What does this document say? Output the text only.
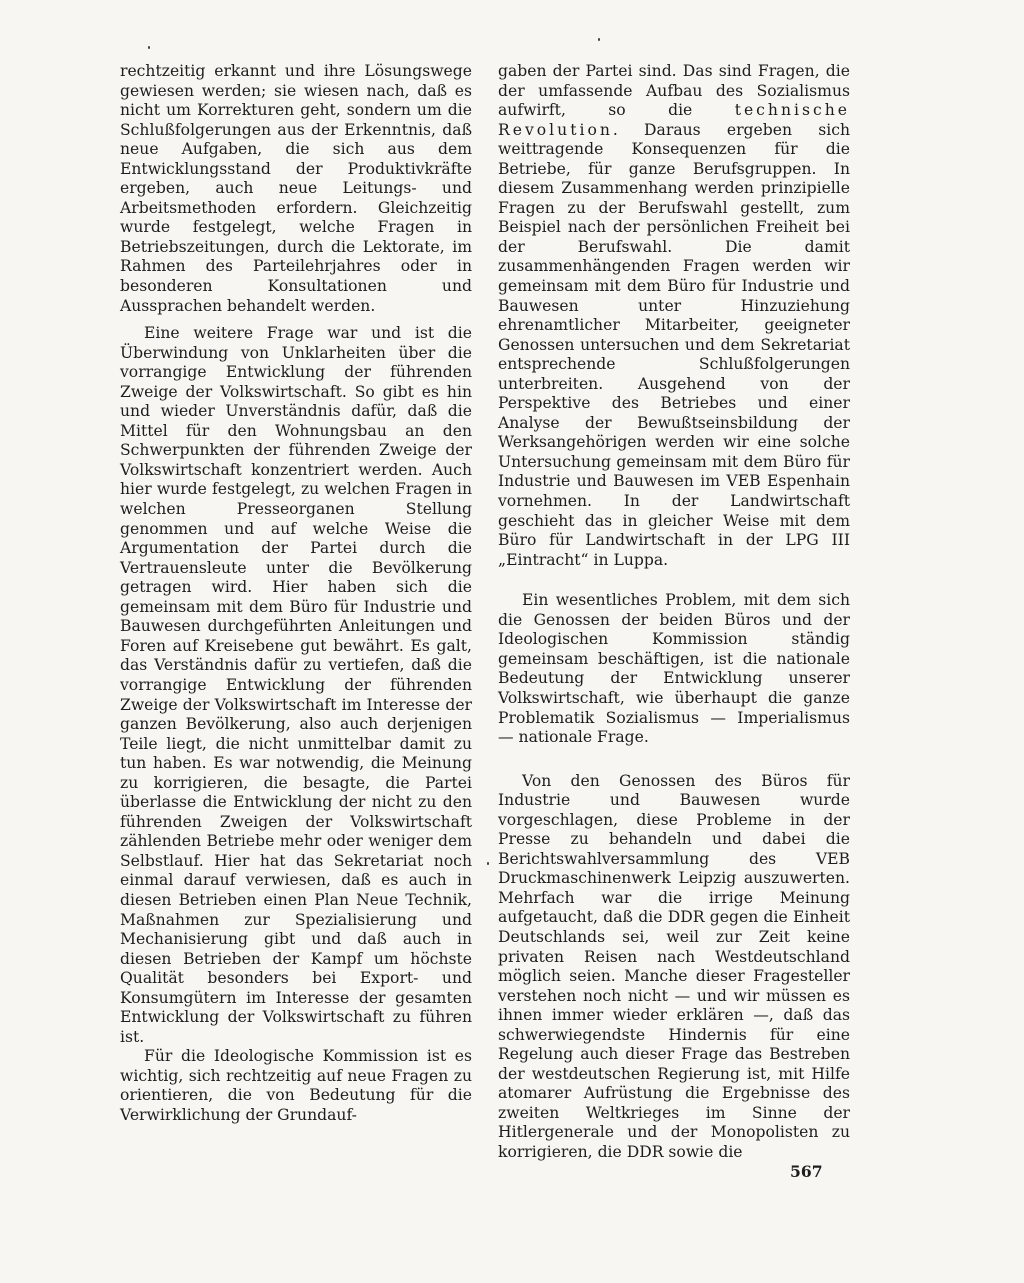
rechtzeitig erkannt und ihre Lösungswege gewiesen werden; sie wiesen nach, daß es nicht um Korrekturen geht, sondern um die Schlußfolgerungen aus der Erkenntnis, daß neue Aufgaben, die sich aus dem Entwicklungsstand der Produktivkräfte ergeben, auch neue Leitungs- und Arbeitsmethoden erfordern. Gleichzeitig wurde festgelegt, welche Fragen in Betriebszeitungen, durch die Lektorate, im Rahmen des Parteilehrjahres oder in besonderen Konsultationen und Aussprachen behandelt werden.

Eine weitere Frage war und ist die Überwindung von Unklarheiten über die vorrangige Entwicklung der führenden Zweige der Volkswirtschaft. So gibt es hin und wieder Unverständnis dafür, daß die Mittel für den Wohnungsbau an den Schwerpunkten der führenden Zweige der Volkswirtschaft konzentriert werden. Auch hier wurde festgelegt, zu welchen Fragen in welchen Presseorganen Stellung genommen und auf welche Weise die Argumentation der Partei durch die Vertrauensleute unter die Bevölkerung getragen wird. Hier haben sich die gemeinsam mit dem Büro für Industrie und Bauwesen durchgeführten Anleitungen und Foren auf Kreisebene gut bewährt. Es galt, das Verständnis dafür zu vertiefen, daß die vorrangige Entwicklung der führenden Zweige der Volkswirtschaft im Interesse der ganzen Bevölkerung, also auch derjenigen Teile liegt, die nicht unmittelbar damit zu tun haben. Es war notwendig, die Meinung zu korrigieren, die besagte, die Partei überlasse die Entwicklung der nicht zu den führenden Zweigen der Volkswirtschaft zählenden Betriebe mehr oder weniger dem Selbstlauf. Hier hat das Sekretariat noch einmal darauf verwiesen, daß es auch in diesen Betrieben einen Plan Neue Technik, Maßnahmen zur Spezialisierung und Mechanisierung gibt und daß auch in diesen Betrieben der Kampf um höchste Qualität besonders bei Export- und Konsumgütern im Interesse der gesamten Entwicklung der Volkswirtschaft zu führen ist.

Für die Ideologische Kommission ist es wichtig, sich rechtzeitig auf neue Fragen zu orientieren, die von Bedeutung für die Verwirklichung der Grundauf-

gaben der Partei sind. Das sind Fragen, die der umfassende Aufbau des Sozialismus aufwirft, so die technische Revolution. Daraus ergeben sich weittragende Konsequenzen für die Betriebe, für ganze Berufsgruppen. In diesem Zusammenhang werden prinzipielle Fragen zu der Berufswahl gestellt, zum Beispiel nach der persönlichen Freiheit bei der Berufswahl. Die damit zusammenhängenden Fragen werden wir gemeinsam mit dem Büro für Industrie und Bauwesen unter Hinzuziehung ehrenamtlicher Mitarbeiter, geeigneter Genossen untersuchen und dem Sekretariat entsprechende Schlußfolgerungen unterbreiten. Ausgehend von der Perspektive des Betriebes und einer Analyse der Bewußtseinsbildung der Werksangehörigen werden wir eine solche Untersuchung gemeinsam mit dem Büro für Industrie und Bauwesen im VEB Espenhain vornehmen. In der Landwirtschaft geschieht das in gleicher Weise mit dem Büro für Landwirtschaft in der LPG III „Eintracht“ in Luppa.

Ein wesentliches Problem, mit dem sich die Genossen der beiden Büros und der Ideologischen Kommission ständig gemeinsam beschäftigen, ist die nationale Bedeutung der Entwicklung unserer Volkswirtschaft, wie überhaupt die ganze Problematik Sozialismus — Imperialismus — nationale Frage.

Von den Genossen des Büros für Industrie und Bauwesen wurde vorgeschlagen, diese Probleme in der Presse zu behandeln und dabei die Berichtswahlversammlung des VEB Druckmaschinenwerk Leipzig auszuwerten. Mehrfach war die irrige Meinung aufgetaucht, daß die DDR gegen die Einheit Deutschlands sei, weil zur Zeit keine privaten Reisen nach Westdeutschland möglich seien. Manche dieser Fragesteller verstehen noch nicht — und wir müssen es ihnen immer wieder erklären —, daß das schwerwiegendste Hindernis für eine Regelung auch dieser Frage das Bestreben der westdeutschen Regierung ist, mit Hilfe atomarer Aufrüstung die Ergebnisse des zweiten Weltkrieges im Sinne der Hitlergenerale und der Monopolisten zu korrigieren, die DDR sowie die

567
